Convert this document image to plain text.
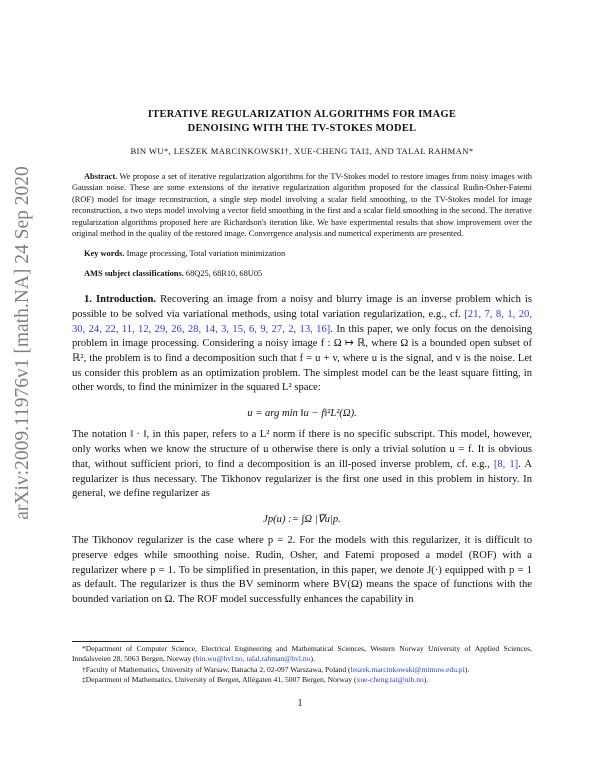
arXiv:2009.11976v1 [math.NA] 24 Sep 2020

ITERATIVE REGULARIZATION ALGORITHMS FOR IMAGE
DENOISING WITH THE TV-STOKES MODEL

BIN WU*, LESZEK MARCINKOWSKI†, XUE-CHENG TAI‡, AND TALAL RAHMAN*
Abstract. We propose a set of iterative regularization algorithms for the TV-Stokes model to restore images from noisy images with Gaussian noise. These are some extensions of the iterative regularization algorithm proposed for the classical Rudin-Osher-Fatemi (ROF) model for image reconstruction, a single step model involving a scalar field smoothing, to the TV-Stokes model for image reconstruction, a two steps model involving a vector field smoothing in the first and a scalar field smoothing in the second. The iterative regularization algorithms proposed here are Richardson's iteration like. We have experimental results that show improvement over the original method in the quality of the restored image. Convergence analysis and numerical experiments are presented.
Key words. Image processing, Total variation minimization
AMS subject classifications. 68Q25, 68R10, 68U05

1. Introduction. Recovering an image from a noisy and blurry image is an inverse problem which is possible to be solved via variational methods, using total variation regularization, e.g., cf. [21, 7, 8, 1, 20, 30, 24, 22, 11, 12, 29, 26, 28, 14, 3, 15, 6, 9, 27, 2, 13, 16]. In this paper, we only focus on the denoising problem in image processing. Considering a noisy image f : Ω ↦ ℝ, where Ω is a bounded open subset of ℝ², the problem is to find a decomposition such that f = u + v, where u is the signal, and v is the noise. Let us consider this problem as an optimization problem. The simplest model can be the least square fitting, in other words, to find the minimizer in the squared L² space:

u = arg min ‖u − f‖²L²(Ω).

The notation ‖ · ‖, in this paper, refers to a L² norm if there is no specific subscript. This model, however, only works when we know the structure of u otherwise there is only a trivial solution u = f. It is obvious that, without sufficient priori, to find a decomposition is an ill-posed inverse problem, cf. e.g., [8, 1]. A regularizer is thus necessary. The Tikhonov regularizer is the first one used in this problem in history. In general, we define regularizer as

Jp(u) := ∫Ω |∇u|p.

The Tikhonov regularizer is the case where p = 2. For the models with this regularizer, it is difficult to preserve edges while smoothing noise. Rudin, Osher, and Fatemi proposed a model (ROF) with a regularizer where p = 1. To be simplified in presentation, in this paper, we denote J(·) equipped with p = 1 as default. The regularizer is thus the BV seminorm where BV(Ω) means the space of functions with the bounded variation on Ω. The ROF model successfully enhances the capability in

*Department of Computer Science, Electrical Engineering and Mathematical Sciences, Western Norway University of Applied Sciences, Inndalsveien 28, 5063 Bergen, Norway (bin.wu@hvl.no, talal.rahman@hvl.no).

†Faculty of Mathematics, University of Warsaw, Banacha 2, 02-097 Warszawa, Poland (leszek.marcinkowski@mimuw.edu.pl).

‡Department of Mathematics, University of Bergen, Allégaten 41, 5007 Bergen, Norway (xue-cheng.tai@uib.no).

1
